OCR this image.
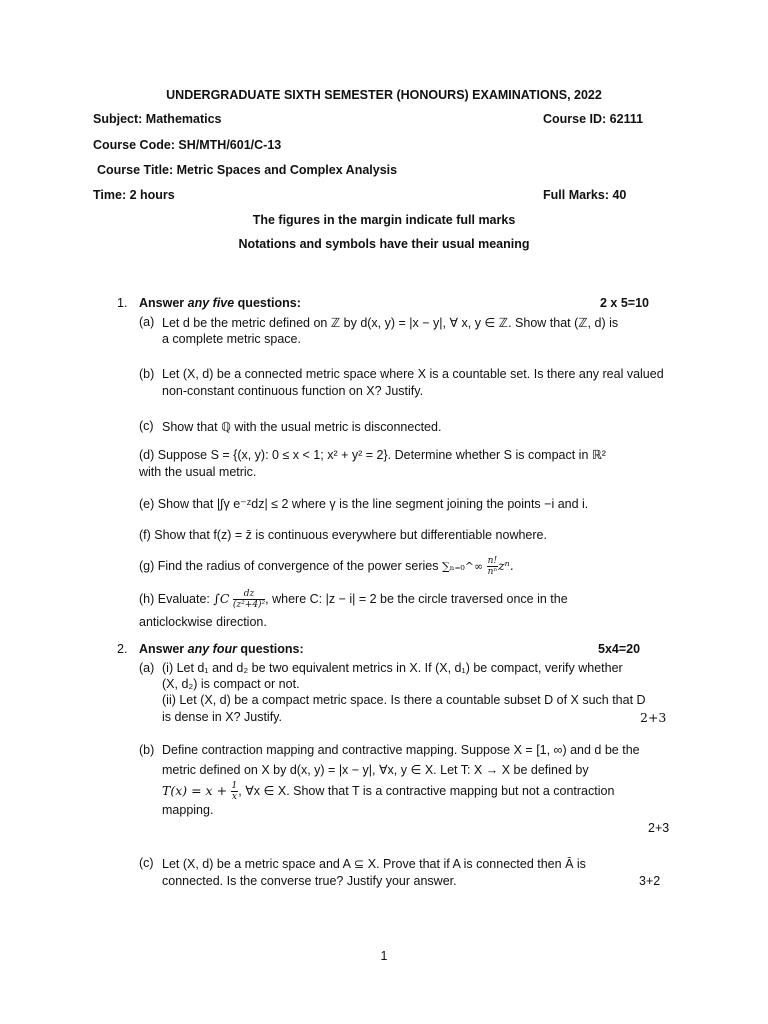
UNDERGRADUATE SIXTH SEMESTER (HONOURS) EXAMINATIONS, 2022
Subject: Mathematics	Course ID: 62111
Course Code: SH/MTH/601/C-13
Course Title: Metric Spaces and Complex Analysis
Time: 2 hours	Full Marks: 40
The figures in the margin indicate full marks
Notations and symbols have their usual meaning
1. Answer any five questions:	2 x 5=10
(a) Let d be the metric defined on ℤ by d(x, y) = |x − y|, ∀ x, y ∈ ℤ. Show that (ℤ, d) is
a complete metric space.
(b) Let (X, d) be a connected metric space where X is a countable set. Is there any real valued
non-constant continuous function on X? Justify.
(c) Show that ℚ with the usual metric is disconnected.
(d) Suppose S = {(x, y): 0 ≤ x < 1; x² + y² = 2}. Determine whether S is compact in ℝ²
with the usual metric.
(e) Show that |∫γ e⁻ᶻdz| ≤ 2 where γ is the line segment joining the points −i and i.
(f) Show that f(z) = z̄ is continuous everywhere but differentiable nowhere.
(g) Find the radius of convergence of the power series ∑ₙ₌₀^∞ $\frac{n!}{\text{nⁿ}} z^n$.
(h) Evaluate: $\int C \frac{dz}{\text{(z²+4)²}}$ , where C: |z − i| = 2 be the circle traversed once in the
anticlockwise direction.
2. Answer any four questions:	5x4=20
(a) (i) Let d₁ and d₂ be two equivalent metrics in X. If (X, d₁) be compact, verify whether
(X, d₂) is compact or not.
(ii) Let (X, d) be a compact metric space. Is there a countable subset D of X such that D
is dense in X? Justify.	2+3
(b) Define contraction mapping and contractive mapping. Suppose X = [1, ∞) and d be the
metric defined on X by d(x, y) = |x − y|, ∀x, y ∈ X. Let T: X → X be defined by
$T(x) = x + \frac{1}{x}$ , ∀x ∈ X. Show that T is a contractive mapping but not a contraction
mapping.
2+3
(c) Let (X, d) be a metric space and A ⊆ X. Prove that if A is connected then Ā is
connected. Is the converse true? Justify your answer.	3+2
1
